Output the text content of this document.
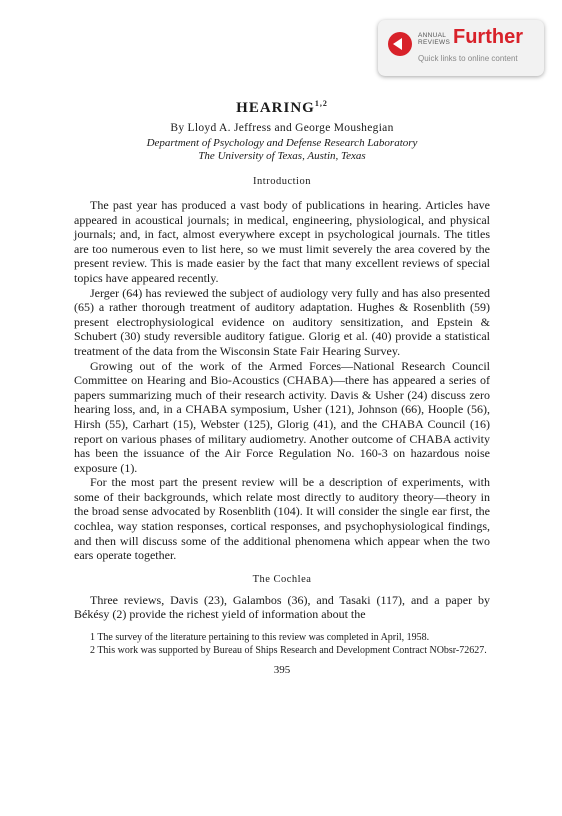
ANNUAL
REVIEWS Further
Quick links to online content
HEARING$^{1,2}$
By Lloyd A. Jeffress and George Moushegian
Department of Psychology and Defense Research Laboratory
The University of Texas, Austin, Texas
Introduction

The past year has produced a vast body of publications in hearing. Articles have appeared in acoustical journals; in medical, engineering, physiological, and physical journals; and, in fact, almost everywhere except in psychological journals. The titles are too numerous even to list here, so we must limit severely the area covered by the present review. This is made easier by the fact that many excellent reviews of special topics have appeared recently.

Jerger (64) has reviewed the subject of audiology very fully and has also presented (65) a rather thorough treatment of auditory adaptation. Hughes & Rosenblith (59) present electrophysiological evidence on auditory sensitization, and Epstein & Schubert (30) study reversible auditory fatigue. Glorig et al. (40) provide a statistical treatment of the data from the Wisconsin State Fair Hearing Survey.

Growing out of the work of the Armed Forces—National Research Council Committee on Hearing and Bio-Acoustics (CHABA)—there has appeared a series of papers summarizing much of their research activity. Davis & Usher (24) discuss zero hearing loss, and, in a CHABA symposium, Usher (121), Johnson (66), Hoople (56), Hirsh (55), Carhart (15), Webster (125), Glorig (41), and the CHABA Council (16) report on various phases of military audiometry. Another outcome of CHABA activity has been the issuance of the Air Force Regulation No. 160-3 on hazardous noise exposure (1).

For the most part the present review will be a description of experiments, with some of their backgrounds, which relate most directly to auditory theory—theory in the broad sense advocated by Rosenblith (104). It will consider the single ear first, the cochlea, way station responses, cortical responses, and psychophysiological findings, and then will discuss some of the additional phenomena which appear when the two ears operate together.

The Cochlea

Three reviews, Davis (23), Galambos (36), and Tasaki (117), and a paper by Békésy (2) provide the richest yield of information about the

1 The survey of the literature pertaining to this review was completed in April, 1958.

2 This work was supported by Bureau of Ships Research and Development Contract NObsr-72627.

395
